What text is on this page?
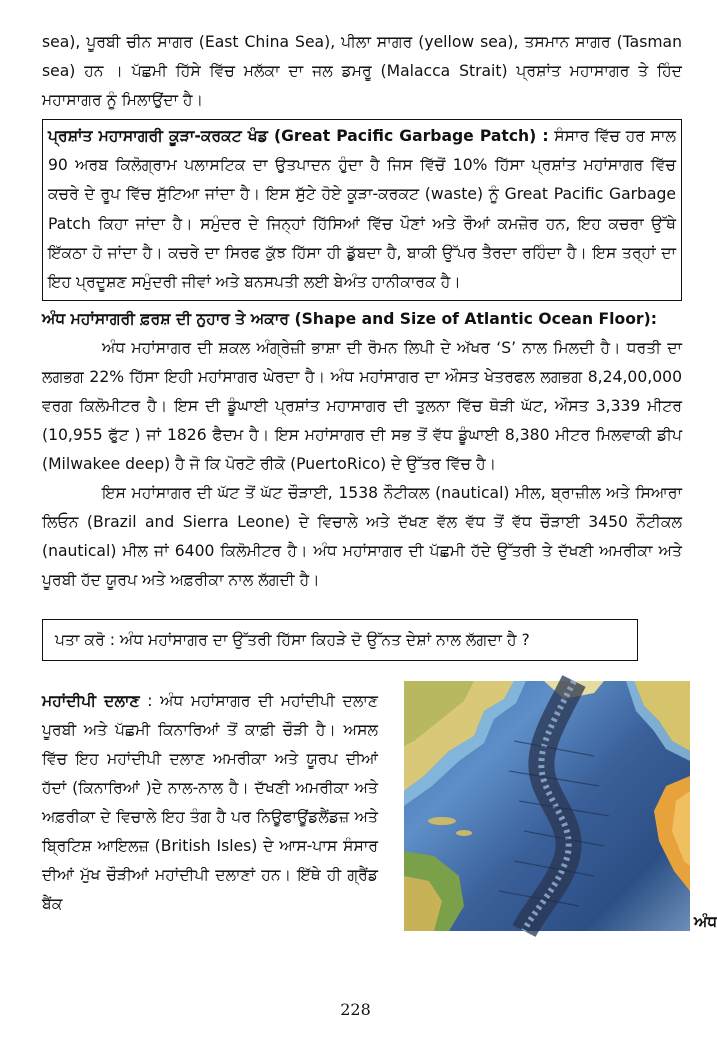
sea), ਪੂਰਬੀ ਚੀਨ ਸਾਗਰ (East China Sea), ਪੀਲਾ ਸਾਗਰ (yellow sea), ਤਸਮਾਨ ਸਾਗਰ (Tasman sea) ਹਨ । ਪੱਛਮੀ ਹਿੱਸੇ ਵਿੱਚ ਮਲੱਕਾ ਦਾ ਜਲ ਡਮਰੂ (Malacca Strait) ਪ੍ਰਸ਼ਾਂਤ ਮਹਾਸਾਗਰ ਤੇ ਹਿੰਦ ਮਹਾਸਾਗਰ ਨੂੰ ਮਿਲਾਉਂਦਾ ਹੈ।

ਪ੍ਰਸ਼ਾਂਤ ਮਹਾਸਾਗਰੀ ਕੂੜਾ-ਕਰਕਟ ਖੰਡ (Great Pacific Garbage Patch) : ਸੰਸਾਰ ਵਿੱਚ ਹਰ ਸਾਲ 90 ਅਰਬ ਕਿਲੋਗ੍ਰਾਮ ਪਲਾਸਟਿਕ ਦਾ ਉਤਪਾਦਨ ਹੁੰਦਾ ਹੈ ਜਿਸ ਵਿੱਚੋਂ 10% ਹਿੱਸਾ ਪ੍ਰਸ਼ਾਂਤ ਮਹਾਂਸਾਗਰ ਵਿੱਚ ਕਚਰੇ ਦੇ ਰੂਪ ਵਿੱਚ ਸੁੱਟਿਆ ਜਾਂਦਾ ਹੈ। ਇਸ ਸੁੱਟੇ ਹੋਏ ਕੂੜਾ-ਕਰਕਟ (waste) ਨੂੰ Great Pacific Garbage Patch ਕਿਹਾ ਜਾਂਦਾ ਹੈ। ਸਮੁੰਦਰ ਦੇ ਜਿਨ੍ਹਾਂ ਹਿੱਸਿਆਂ ਵਿੱਚ ਪੌਣਾਂ ਅਤੇ ਰੌਆਂ ਕਮਜ਼ੋਰ ਹਨ, ਇਹ ਕਚਰਾ ਉੱਥੇ ਇੱਕਠਾ ਹੋ ਜਾਂਦਾ ਹੈ। ਕਚਰੇ ਦਾ ਸਿਰਫ ਕੁੱਝ ਹਿੱਸਾ ਹੀ ਡੁੱਬਦਾ ਹੈ, ਬਾਕੀ ਉੱਪਰ ਤੈਰਦਾ ਰਹਿੰਦਾ ਹੈ। ਇਸ ਤਰ੍ਹਾਂ ਦਾ ਇਹ ਪ੍ਰਦੂਸ਼ਣ ਸਮੁੰਦਰੀ ਜੀਵਾਂ ਅਤੇ ਬਨਸਪਤੀ ਲਈ ਬੇਅੰਤ ਹਾਨੀਕਾਰਕ ਹੈ।

ਅੰਧ ਮਹਾਂਸਾਗਰੀ ਫ਼ਰਸ਼ ਦੀ ਨੁਹਾਰ ਤੇ ਅਕਾਰ (Shape and Size of Atlantic Ocean Floor):

ਅੰਧ ਮਹਾਂਸਾਗਰ ਦੀ ਸ਼ਕਲ ਅੰਗ੍ਰੇਜ਼ੀ ਭਾਸ਼ਾ ਦੀ ਰੋਮਨ ਲਿਪੀ ਦੇ ਅੱਖਰ ‘S’ ਨਾਲ ਮਿਲਦੀ ਹੈ। ਧਰਤੀ ਦਾ ਲਗਭਗ 22% ਹਿੱਸਾ ਇਹੀ ਮਹਾਂਸਾਗਰ ਘੇਰਦਾ ਹੈ। ਅੰਧ ਮਹਾਂਸਾਗਰ ਦਾ ਔਸਤ ਖੇਤਰਫਲ ਲਗਭਗ 8,24,00,000 ਵਰਗ ਕਿਲੋਮੀਟਰ ਹੈ। ਇਸ ਦੀ ਡੂੰਘਾਈ ਪ੍ਰਸ਼ਾਂਤ ਮਹਾਸਾਗਰ ਦੀ ਤੁਲਨਾ ਵਿੱਚ ਥੋੜੀ ਘੱਟ, ਔਸਤ 3,339 ਮੀਟਰ (10,955 ਫੁੱਟ ) ਜਾਂ 1826 ਫੈਦਮ ਹੈ। ਇਸ ਮਹਾਂਸਾਗਰ ਦੀ ਸਭ ਤੋਂ ਵੱਧ ਡੂੰਘਾਈ 8,380 ਮੀਟਰ ਮਿਲਵਾਕੀ ਡੀਪ (Milwakee deep) ਹੈ ਜੋ ਕਿ ਪੋਰਟੋ ਰੀਕੋ (PuertoRico) ਦੇ ਉੱਤਰ ਵਿੱਚ ਹੈ।

ਇਸ ਮਹਾਂਸਾਗਰ ਦੀ ਘੱਟ ਤੋਂ ਘੱਟ ਚੌੜਾਈ, 1538 ਨੌਟੀਕਲ (nautical) ਮੀਲ, ਬ੍ਰਾਜ਼ੀਲ ਅਤੇ ਸਿਆਰਾ ਲਿਓਨ (Brazil and Sierra Leone) ਦੇ ਵਿਚਾਲੇ ਅਤੇ ਦੱਖਣ ਵੱਲ ਵੱਧ ਤੋਂ ਵੱਧ ਚੌੜਾਈ 3450 ਨੌਟੀਕਲ (nautical) ਮੀਲ ਜਾਂ 6400 ਕਿਲੋਮੀਟਰ ਹੈ। ਅੰਧ ਮਹਾਂਸਾਗਰ ਦੀ ਪੱਛਮੀ ਹੱਦੇ ਉੱਤਰੀ ਤੇ ਦੱਖਣੀ ਅਮਰੀਕਾ ਅਤੇ ਪੂਰਬੀ ਹੱਦ ਯੂਰਪ ਅਤੇ ਅਫ਼ਰੀਕਾ ਨਾਲ ਲੱਗਦੀ ਹੈ।

ਪਤਾ ਕਰੋ : ਅੰਧ ਮਹਾਂਸਾਗਰ ਦਾ ਉੱਤਰੀ ਹਿੱਸਾ ਕਿਹੜੇ ਦੋ ਉੱਨਤ ਦੇਸ਼ਾਂ ਨਾਲ ਲੱਗਦਾ ਹੈ ?

ਮਹਾਂਦੀਪੀ ਦਲਾਣ : ਅੰਧ ਮਹਾਂਸਾਗਰ ਦੀ ਮਹਾਂਦੀਪੀ ਦਲਾਣ ਪੂਰਬੀ ਅਤੇ ਪੱਛਮੀ ਕਿਨਾਰਿਆਂ ਤੋਂ ਕਾਫ਼ੀ ਚੌੜੀ ਹੈ। ਅਸਲ ਵਿੱਚ ਇਹ ਮਹਾਂਦੀਪੀ ਦਲਾਣ ਅਮਰੀਕਾ ਅਤੇ ਯੂਰਪ ਦੀਆਂ ਹੱਦਾਂ (ਕਿਨਾਰਿਆਂ )ਦੇ ਨਾਲ-ਨਾਲ ਹੈ। ਦੱਖਣੀ ਅਮਰੀਕਾ ਅਤੇ ਅਫ਼ਰੀਕਾ ਦੇ ਵਿਚਾਲੇ ਇਹ ਤੰਗ ਹੈ ਪਰ ਨਿਊਫਾਊਂਡਲੈਂਡਜ਼ ਅਤੇ ਬ੍ਰਿਟਿਸ਼ ਆਇਲਜ਼ (British Isles) ਦੇ ਆਸ-ਪਾਸ ਸੰਸਾਰ ਦੀਆਂ ਮੁੱਖ ਚੌੜੀਆਂ ਮਹਾਂਦੀਪੀ ਦਲਾਣਾਂ ਹਨ। ਇੱਥੇ ਹੀ ਗ੍ਰੈਂਡ ਬੈਂਕ

ਅੰਧ
228
